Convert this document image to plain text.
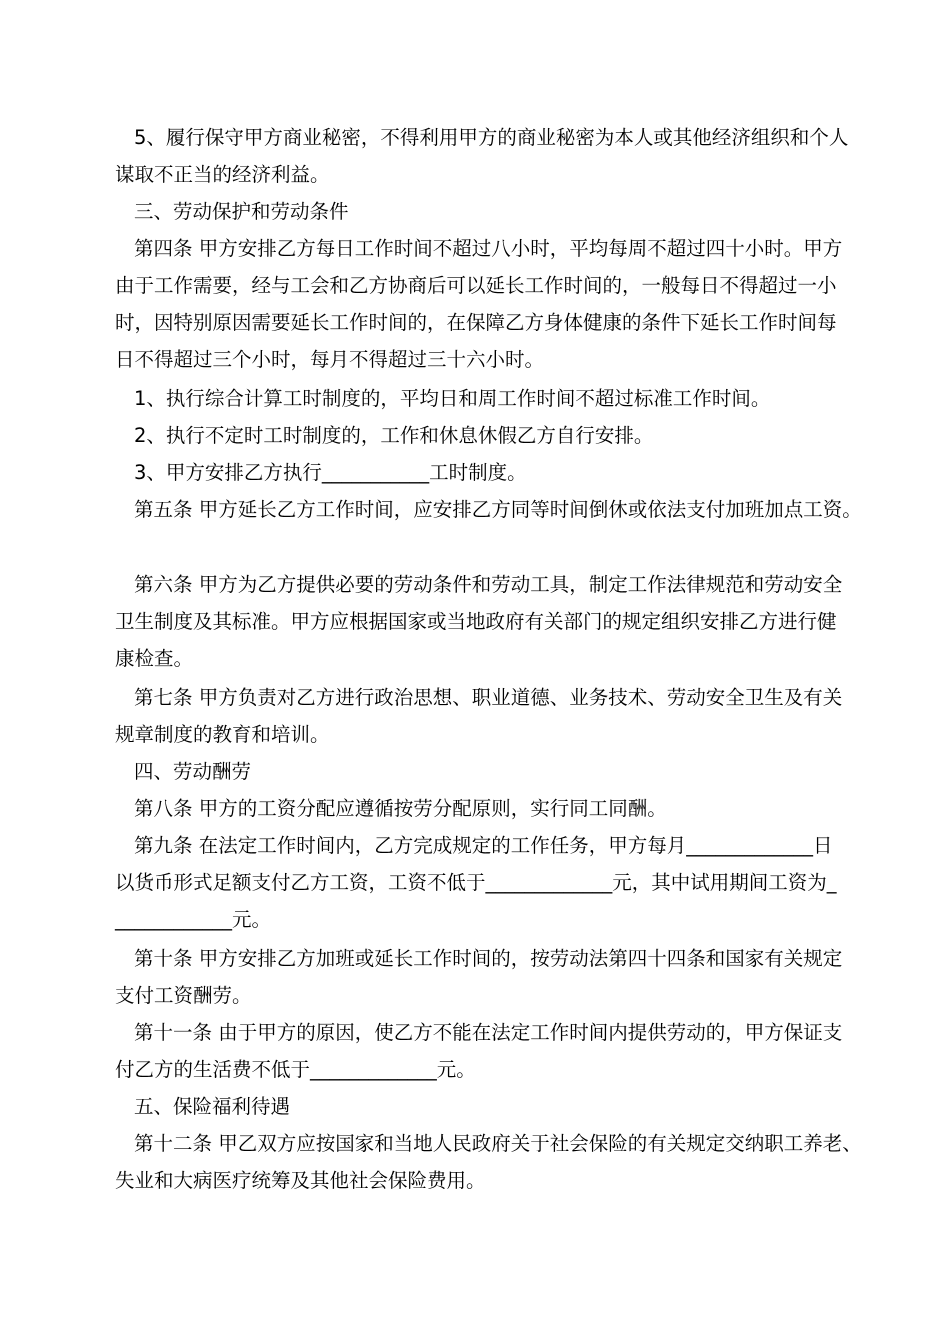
5、履行保守甲方商业秘密，不得利用甲方的商业秘密为本人或其他经济组织和个人
谋取不正当的经济利益。
三、劳动保护和劳动条件
第四条 甲方安排乙方每日工作时间不超过八小时，平均每周不超过四十小时。甲方
由于工作需要，经与工会和乙方协商后可以延长工作时间的，一般每日不得超过一小
时，因特别原因需要延长工作时间的，在保障乙方身体健康的条件下延长工作时间每
日不得超过三个小时，每月不得超过三十六小时。
1、执行综合计算工时制度的，平均日和周工作时间不超过标准工作时间。
2、执行不定时工时制度的，工作和休息休假乙方自行安排。
3、甲方安排乙方执行___________工时制度。
第五条 甲方延长乙方工作时间，应安排乙方同等时间倒休或依法支付加班加点工资。
第六条 甲方为乙方提供必要的劳动条件和劳动工具，制定工作法律规范和劳动安全
卫生制度及其标准。甲方应根据国家或当地政府有关部门的规定组织安排乙方进行健
康检查。
第七条 甲方负责对乙方进行政治思想、职业道德、业务技术、劳动安全卫生及有关
规章制度的教育和培训。
四、劳动酬劳
第八条 甲方的工资分配应遵循按劳分配原则，实行同工同酬。
第九条 在法定工作时间内，乙方完成规定的工作任务，甲方每月_____________日
以货币形式足额支付乙方工资，工资不低于_____________元，其中试用期间工资为_
____________元。
第十条 甲方安排乙方加班或延长工作时间的，按劳动法第四十四条和国家有关规定
支付工资酬劳。
第十一条 由于甲方的原因，使乙方不能在法定工作时间内提供劳动的，甲方保证支
付乙方的生活费不低于_____________元。
五、保险福利待遇
第十二条 甲乙双方应按国家和当地人民政府关于社会保险的有关规定交纳职工养老、
失业和大病医疗统筹及其他社会保险费用。
